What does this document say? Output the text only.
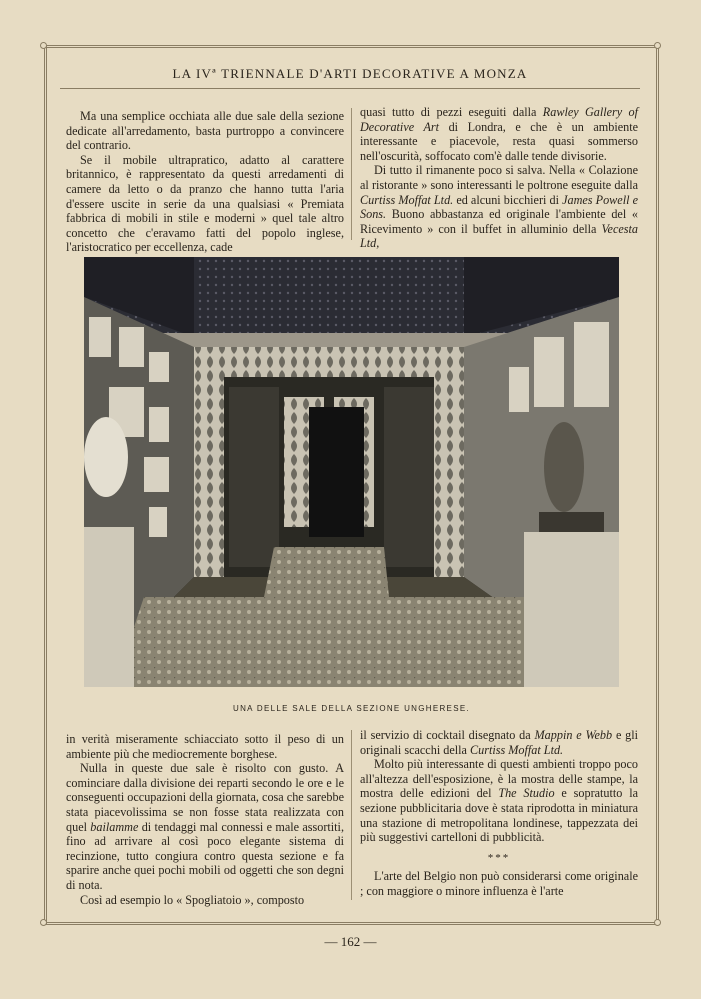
LA IVª TRIENNALE D'ARTI DECORATIVE A MONZA

Ma una semplice occhiata alle due sale della sezione dedicate all'arredamento, basta purtroppo a convincere del contrario.

Se il mobile ultrapratico, adatto al carattere britannico, è rappresentato da questi arredamenti di camere da letto o da pranzo che hanno tutta l'aria d'essere uscite in serie da una qualsiasi « Premiata fabbrica di mobili in stile e moderni » quel tale altro concetto che c'eravamo fatti del popolo inglese, l'aristocratico per eccellenza, cade

quasi tutto di pezzi eseguiti dalla Rawley Gallery of Decorative Art di Londra, e che è un ambiente interessante e piacevole, resta quasi sommerso nell'oscurità, soffocato com'è dalle tende divisorie.

Di tutto il rimanente poco si salva. Nella « Colazione al ristorante » sono interessanti le poltrone eseguite dalla Curtiss Moffat Ltd. ed alcuni bicchieri di James Powell e Sons. Buono abbastanza ed originale l'ambiente del « Ricevimento » con il buffet in alluminio della Vecesta Ltd,

UNA DELLE SALE DELLA SEZIONE UNGHERESE.

in verità miseramente schiacciato sotto il peso di un ambiente più che mediocremente borghese.

Nulla in queste due sale è risolto con gusto. A cominciare dalla divisione dei reparti secondo le ore e le conseguenti occupazioni della giornata, cosa che sarebbe stata piacevolissima se non fosse stata realizzata con quel bailamme di tendaggi mal connessi e male assortiti, fino ad arrivare al così poco elegante sistema di recinzione, tutto congiura contro questa sezione e fa sparire anche quei pochi mobili od oggetti che son degni di nota.

Così ad esempio lo « Spogliatoio », composto

il servizio di cocktail disegnato da Mappin e Webb e gli originali scacchi della Curtiss Moffat Ltd.

Molto più interessante di questi ambienti troppo poco all'altezza dell'esposizione, è la mostra delle stampe, la mostra delle edizioni del The Studio e sopratutto la sezione pubblicitaria dove è stata riprodotta in miniatura una stazione di metropolitana londinese, tappezzata dei più suggestivi cartelloni di pubblicità.

***

L'arte del Belgio non può considerarsi come originale ; con maggiore o minore influenza è l'arte

— 162 —
